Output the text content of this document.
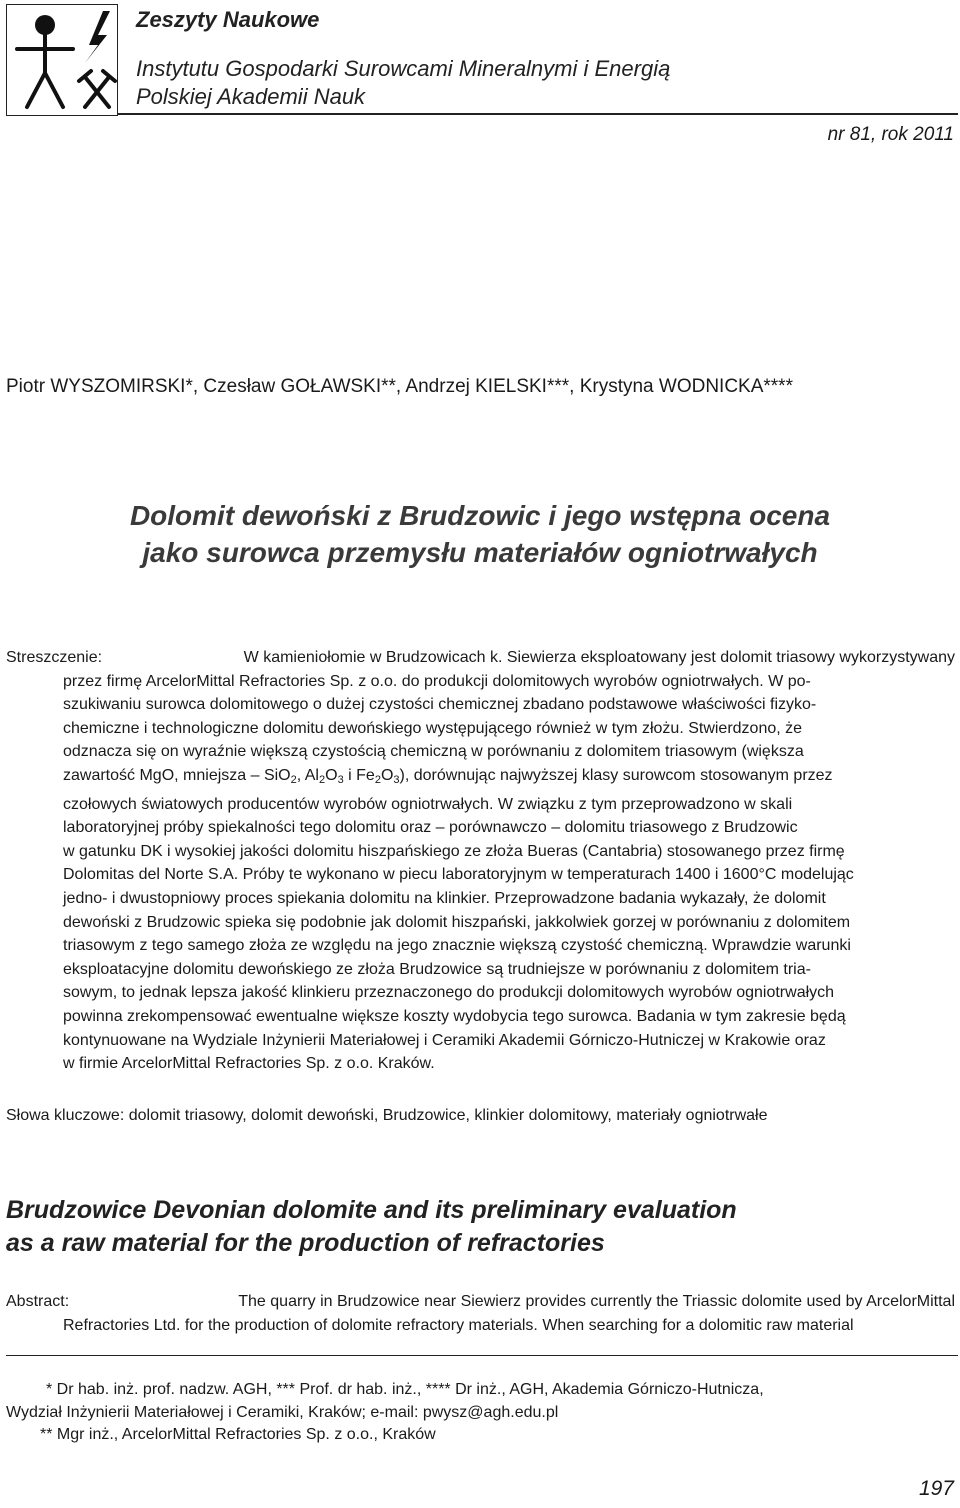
Zeszyty Naukowe
Instytutu Gospodarki Surowcami Mineralnymi i Energią
Polskiej Akademii Nauk
nr 81, rok 2011
Piotr WYSZOMIRSKI*, Czesław GOŁAWSKI**, Andrzej KIELSKI***, Krystyna WODNICKA****
Dolomit dewoński z Brudzowic i jego wstępna ocena
jako surowca przemysłu materiałów ogniotrwałych
Streszczenie:	W kamieniołomie w Brudzowicach k. Siewierza eksploatowany jest dolomit triasowy wykorzystywany
przez firmę ArcelorMittal Refractories Sp. z o.o. do produkcji dolomitowych wyrobów ogniotrwałych. W po-
szukiwaniu surowca dolomitowego o dużej czystości chemicznej zbadano podstawowe właściwości fizyko-
chemiczne i technologiczne dolomitu dewońskiego występującego również w tym złożu. Stwierdzono, że
odznacza się on wyraźnie większą czystością chemiczną w porównaniu z dolomitem triasowym (większa
zawartość MgO, mniejsza – SiO$_2$, $Al_2O_3$ i $Fe_2O_3$), dorównując najwyższej klasy surowcom stosowanym przez
czołowych światowych producentów wyrobów ogniotrwałych. W związku z tym przeprowadzono w skali
laboratoryjnej próby spiekalności tego dolomitu oraz – porównawczo – dolomitu triasowego z Brudzowic
w gatunku DK i wysokiej jakości dolomitu hiszpańskiego ze złoża Bueras (Cantabria) stosowanego przez firmę
Dolomitas del Norte S.A. Próby te wykonano w piecu laboratoryjnym w temperaturach 1400 i 1600°C modelując
jedno- i dwustopniowy proces spiekania dolomitu na klinkier. Przeprowadzone badania wykazały, że dolomit
dewoński z Brudzowic spieka się podobnie jak dolomit hiszpański, jakkolwiek gorzej w porównaniu z dolomitem
triasowym z tego samego złoża ze względu na jego znacznie większą czystość chemiczną. Wprawdzie warunki
eksploatacyjne dolomitu dewońskiego ze złoża Brudzowice są trudniejsze w porównaniu z dolomitem tria-
sowym, to jednak lepsza jakość klinkieru przeznaczonego do produkcji dolomitowych wyrobów ogniotrwałych
powinna zrekompensować ewentualne większe koszty wydobycia tego surowca. Badania w tym zakresie będą
kontynuowane na Wydziale Inżynierii Materiałowej i Ceramiki Akademii Górniczo-Hutniczej w Krakowie oraz
w firmie ArcelorMittal Refractories Sp. z o.o. Kraków.
Słowa kluczowe: dolomit triasowy, dolomit dewoński, Brudzowice, klinkier dolomitowy, materiały ogniotrwałe
Brudzowice Devonian dolomite and its preliminary evaluation
as a raw material for the production of refractories
Abstract:	The quarry in Brudzowice near Siewierz provides currently the Triassic dolomite used by ArcelorMittal
Refractories Ltd. for the production of dolomite refractory materials. When searching for a dolomitic raw material
* Dr hab. inż. prof. nadzw. AGH, *** Prof. dr hab. inż., **** Dr inż., AGH, Akademia Górniczo-Hutnicza,
Wydział Inżynierii Materiałowej i Ceramiki, Kraków; e-mail: pwysz@agh.edu.pl
** Mgr inż., ArcelorMittal Refractories Sp. z o.o., Kraków
197
